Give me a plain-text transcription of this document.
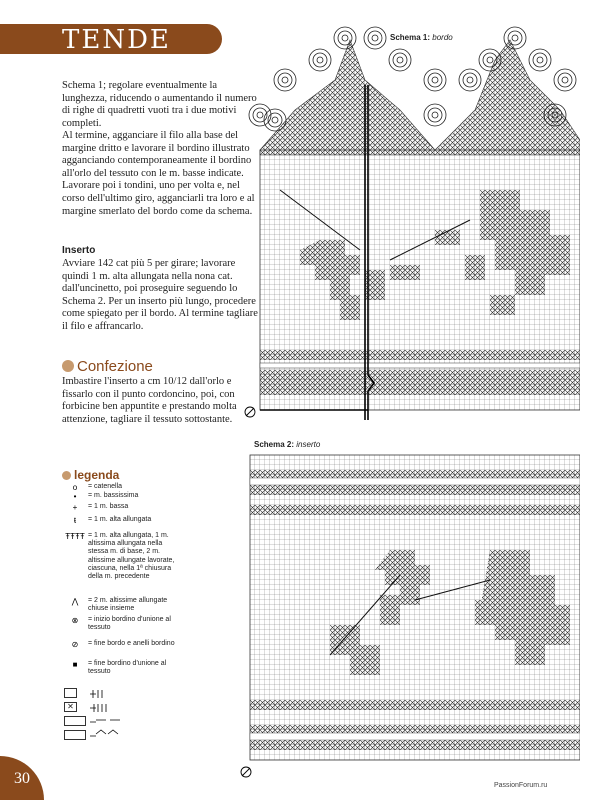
TENDE

Schema 1; regolare eventualmente la lunghezza, riducendo o aumentando il numero di righe di quadretti vuoti tra i due motivi completi.

Al termine, agganciare il filo alla base del margine dritto e lavorare il bordino illustrato agganciando contemporaneamente il bordino all'orlo del tessuto con le m. basse indicate. Lavorare poi i tondini, uno per volta e, nel corso dell'ultimo giro, agganciarli tra loro e al margine smerlato del bordo come da schema.

Inserto

Avviare 142 cat più 5 per girare; lavorare quindi 1 m. alta allungata nella nona cat. dall'uncinetto, poi proseguire seguendo lo Schema 2. Per un inserto più lungo, procedere come spiegato per il bordo. Al termine tagliare il filo e affrancarlo.

Confezione

Imbastire l'inserto a cm 10/12 dall'orlo e fissarlo con il punto cordoncino, poi, con forbicine ben appuntite e prestando molta attenzione, tagliare il tessuto sottostante.

legenda
o	= catenella
•	= m. bassissima
+	= 1 m. bassa
ŧ	= 1 m. alta allungata
ŦŦŦŦ = 1 m. alta allungata, 1 m. altissima allungata nella stessa m. di base, 2 m. altissime allungate lavorate, ciascuna, nella 1ª chiusura della m. precedente
⋀	= 2 m. altissime allungate chiuse insieme
⊗	= inizio bordino d'unione al tessuto
⊘	= fine bordo e anelli bordino
■	= fine bordino d'unione al tessuto
✕
30
Schema 1: bordo
Schema 2: inserto
PassionForum.ru
